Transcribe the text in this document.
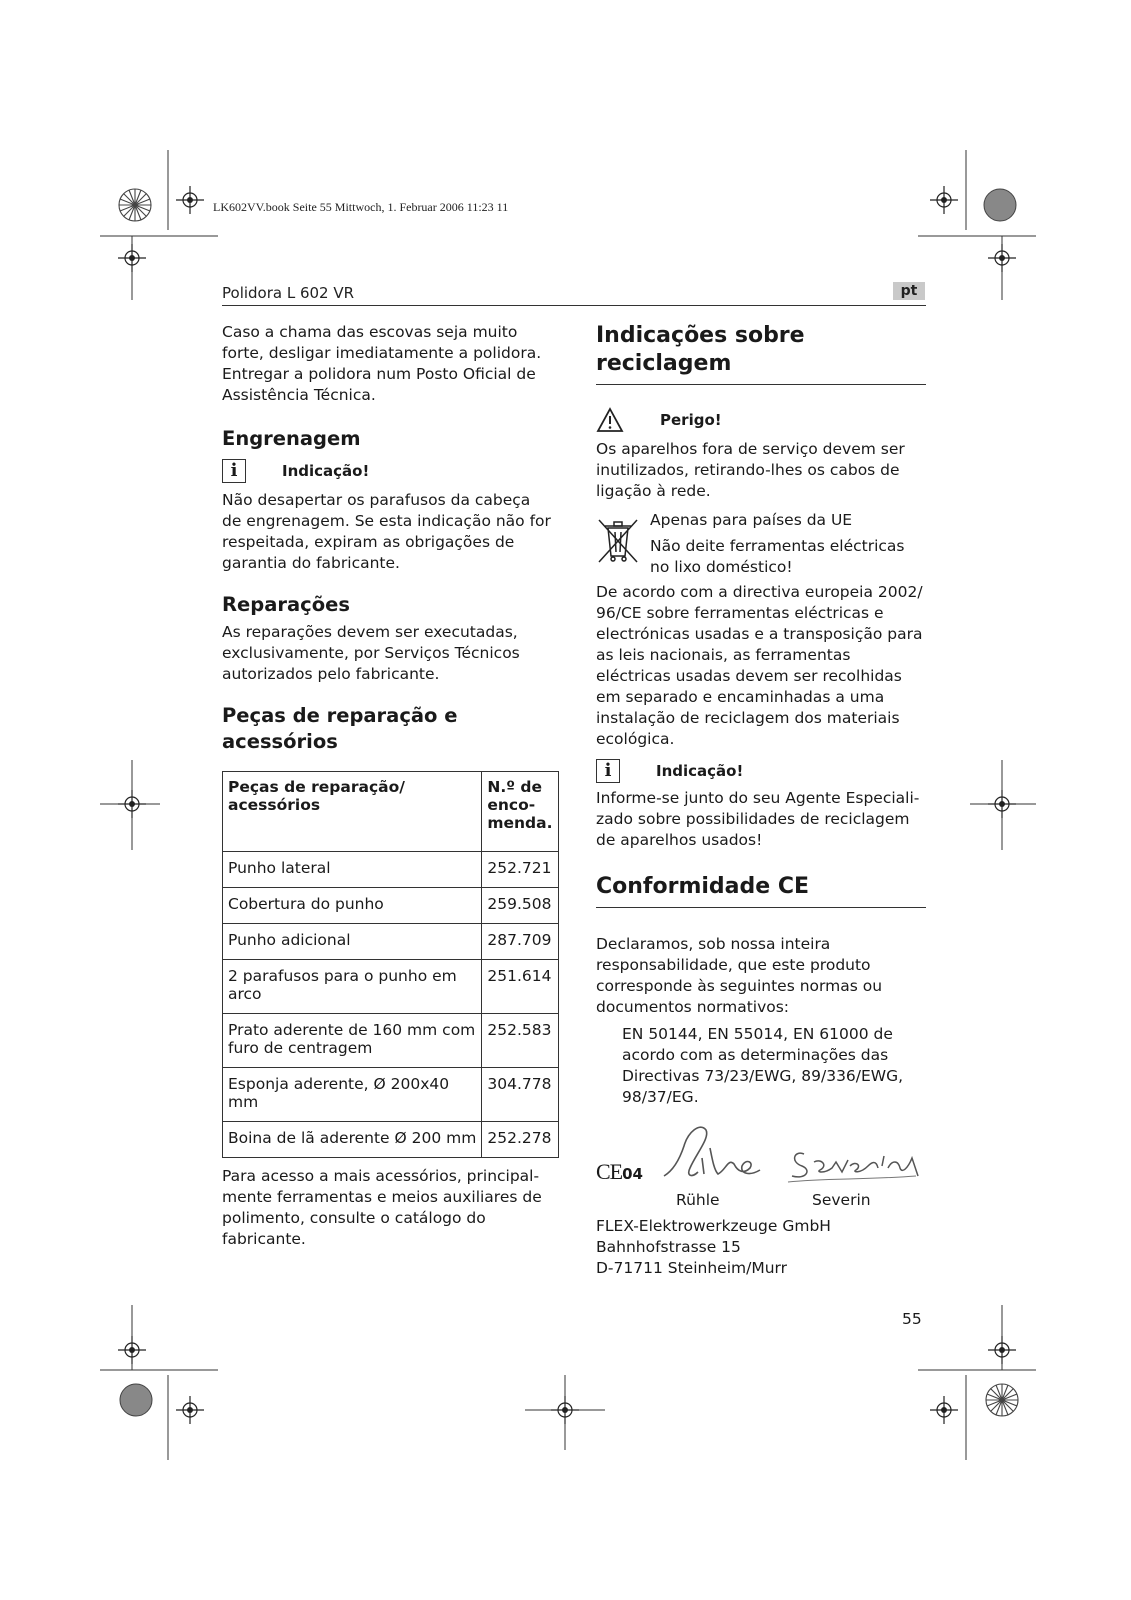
LK602VV.book Seite 55 Mittwoch, 1. Februar 2006 11:23 11
Polidora L 602 VR	pt

Caso a chama das escovas seja muito forte, desligar imediatamente a polidora. Entregar a polidora num Posto Oficial de Assistência Técnica.

Engrenagem
i	Indicação!

Não desapertar os parafusos da cabeça de engrenagem. Se esta indicação não for respeitada, expiram as obrigações de garantia do fabricante.

Reparações

As reparações devem ser executadas, exclusivamente, por Serviços Técnicos autorizados pelo fabricante.

Peças de reparação e acessórios
Peças de reparação/ acessórios	N.º de enco- menda.
Punho lateral	252.721
Cobertura do punho	259.508
Punho adicional	287.709
2 parafusos para o punho em arco	251.614
Prato aderente de 160 mm com furo de centragem	252.583
Esponja aderente, Ø 200x40 mm	304.778
Boina de lã aderente Ø 200 mm	252.278

Para acesso a mais acessórios, principal- mente ferramentas e meios auxiliares de polimento, consulte o catálogo do fabricante.

Indicações sobre reciclagem
Perigo!

Os aparelhos fora de serviço devem ser inutilizados, retirando-lhes os cabos de ligação à rede.

Apenas para países da UE

Não deite ferramentas eléctricas no lixo doméstico!

De acordo com a directiva europeia 2002/ 96/CE sobre ferramentas eléctricas e electrónicas usadas e a transposição para as leis nacionais, as ferramentas eléctricas usadas devem ser recolhidas em separado e encaminhadas a uma instalação de reciclagem dos materiais ecológica.

i	Indicação!

Informe-se junto do seu Agente Especiali- zado sobre possibilidades de reciclagem de aparelhos usados!

Conformidade CE

Declaramos, sob nossa inteira responsabilidade, que este produto corresponde às seguintes normas ou documentos normativos:

EN 50144, EN 55014, EN 61000 de acordo com as determinações das Directivas 73/23/EWG, 89/336/EWG, 98/37/EG.

CE04
Rühle	Severin

FLEX-Elektrowerkzeuge GmbH

Bahnhofstrasse 15

D-71711 Steinheim/Murr

55
